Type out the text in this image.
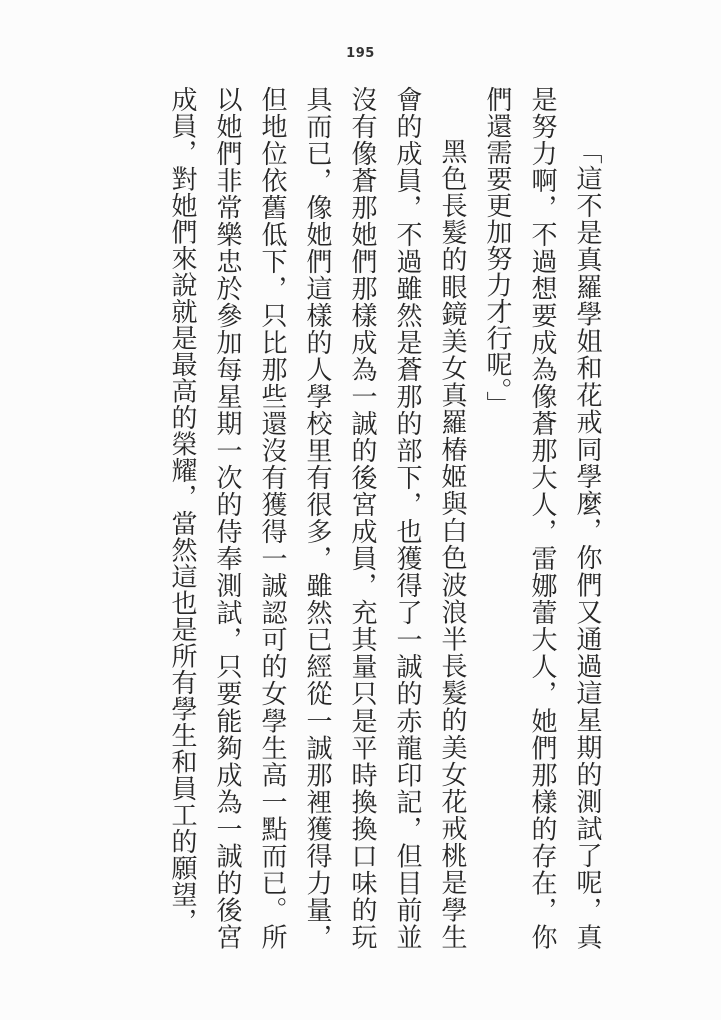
195

「這不是真羅學姐和花戒同學麼，你們又通過這星期的測試了呢，真是努力啊，不過想要成為像蒼那大人，雷娜蕾大人，她們那樣的存在，你們還需要更加努力才行呢。」

黑色長髮的眼鏡美女真羅椿姬與白色波浪半長髮的美女花戒桃是學生會的成員，不過雖然是蒼那的部下，也獲得了一誠的赤龍印記，但目前並沒有像蒼那她們那樣成為一誠的後宮成員，充其量只是平時換換口味的玩具而已，像她們這樣的人學校里有很多，雖然已經從一誠那裡獲得力量，但地位依舊低下，只比那些還沒有獲得一誠認可的女學生高一點而已。所以她們非常樂忠於參加每星期一次的侍奉測試，只要能夠成為一誠的後宮成員，對她們來說就是最高的榮耀，當然這也是所有學生和員工的願望，
